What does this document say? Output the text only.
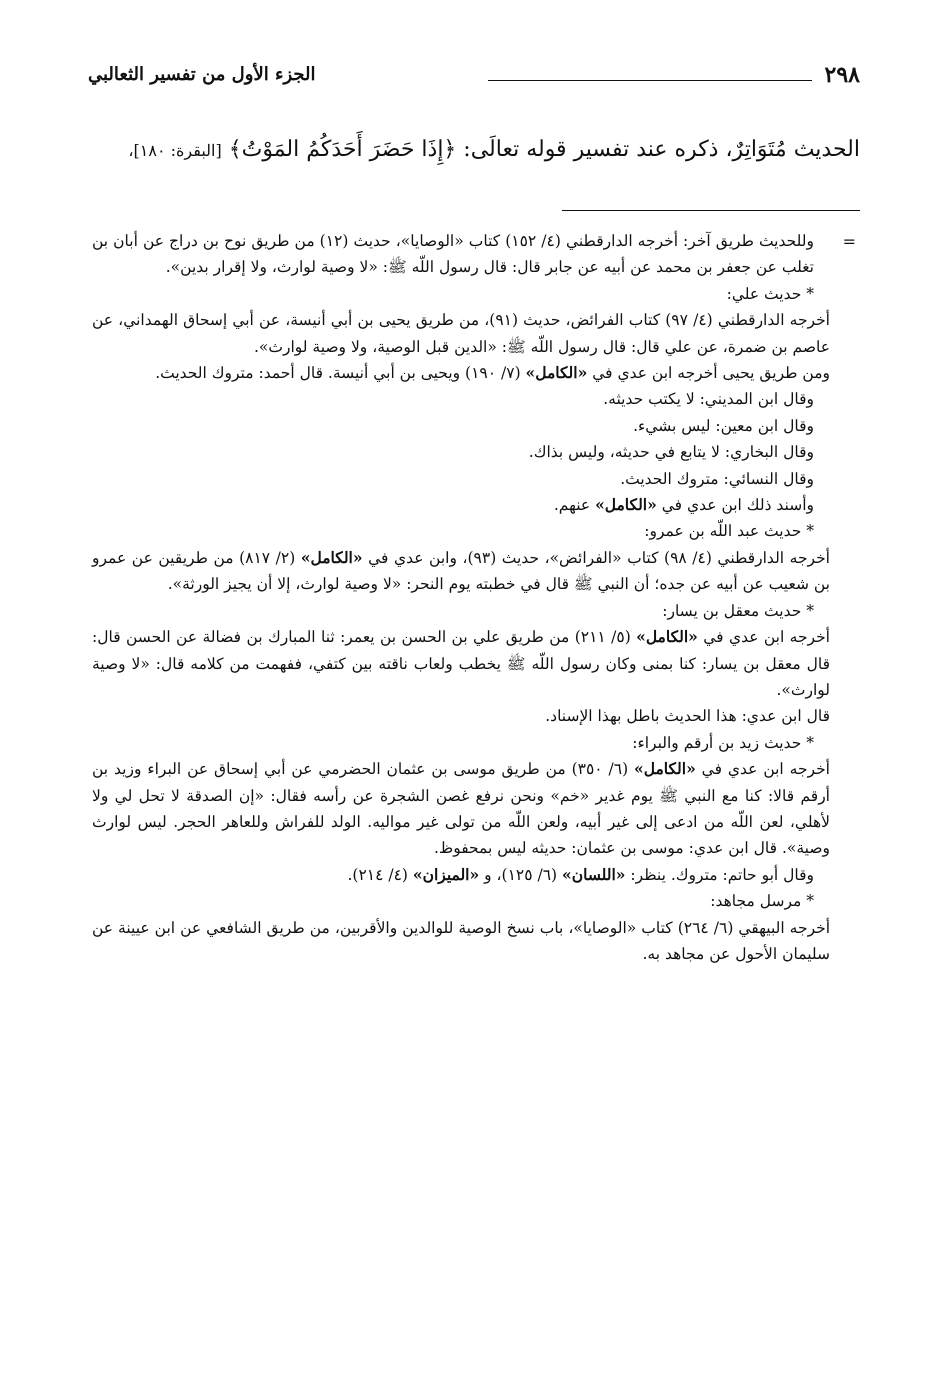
٢٩٨
الجزء الأول من تفسير الثعالبي
الحديث مُتَوَاتِرٌ، ذكره عند تفسير قوله تعالَى: ﴿إِذَا حَضَرَ أَحَدَكُمُ المَوْتُ﴾ [البقرة: ١٨٠]،
=

وللحديث طريق آخر: أخرجه الدارقطني (٤/ ١٥٢) كتاب «الوصايا»، حديث (١٢) من طريق نوح بن دراج عن أبان بن تغلب عن جعفر بن محمد عن أبيه عن جابر قال: قال رسول اللّه ﷺ: «لا وصية لوارث، ولا إقرار بدين».

* حديث علي:

أخرجه الدارقطني (٤/ ٩٧) كتاب الفرائض، حديث (٩١)، من طريق يحيى بن أبي أنيسة، عن أبي إسحاق الهمداني، عن عاصم بن ضمرة، عن علي قال: قال رسول اللّه ﷺ: «الدين قبل الوصية، ولا وصية لوارث».

ومن طريق يحيى أخرجه ابن عدي في «الكامل» (٧/ ١٩٠) ويحيى بن أبي أنيسة. قال أحمد: متروك الحديث.

وقال ابن المديني: لا يكتب حديثه.

وقال ابن معين: ليس بشيء.

وقال البخاري: لا يتابع في حديثه، وليس بذاك.

وقال النسائي: متروك الحديث.

وأسند ذلك ابن عدي في «الكامل» عنهم.

* حديث عبد اللّه بن عمرو:

أخرجه الدارقطني (٤/ ٩٨) كتاب «الفرائض»، حديث (٩٣)، وابن عدي في «الكامل» (٢/ ٨١٧) من طريقين عن عمرو بن شعيب عن أبيه عن جده؛ أن النبي ﷺ قال في خطبته يوم النحر: «لا وصية لوارث، إلا أن يجيز الورثة».

* حديث معقل بن يسار:

أخرجه ابن عدي في «الكامل» (٥/ ٢١١) من طريق علي بن الحسن بن يعمر: ثنا المبارك بن فضالة عن الحسن قال: قال معقل بن يسار: كنا بمنى وكان رسول اللّه ﷺ يخطب ولعاب ناقته بين كتفي، ففهمت من كلامه قال: «لا وصية لوارث».

قال ابن عدي: هذا الحديث باطل بهذا الإسناد.

* حديث زيد بن أرقم والبراء:

أخرجه ابن عدي في «الكامل» (٦/ ٣٥٠) من طريق موسى بن عثمان الحضرمي عن أبي إسحاق عن البراء وزيد بن أرقم قالا: كنا مع النبي ﷺ يوم غدير «خم» ونحن نرفع غصن الشجرة عن رأسه فقال: «إن الصدقة لا تحل لي ولا لأهلي، لعن اللّه من ادعى إلى غير أبيه، ولعن اللّه من تولى غير مواليه. الولد للفراش وللعاهر الحجر. ليس لوارث وصية». قال ابن عدي: موسى بن عثمان: حديثه ليس بمحفوظ.

وقال أبو حاتم: متروك. ينظر: «اللسان» (٦/ ١٢٥)، و «الميزان» (٤/ ٢١٤).

* مرسل مجاهد:

أخرجه البيهقي (٦/ ٢٦٤) كتاب «الوصايا»، باب نسخ الوصية للوالدين والأقربين، من طريق الشافعي عن ابن عيينة عن سليمان الأحول عن مجاهد به.
